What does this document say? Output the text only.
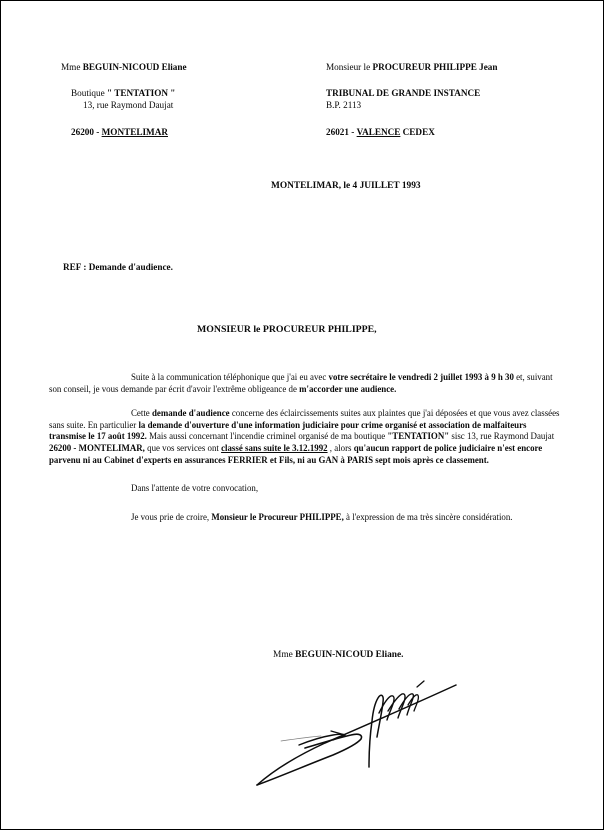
Mme BEGUIN-NICOUD Eliane
Boutique " TENTATION "
13, rue Raymond Daujat
26200 - MONTELIMAR
Monsieur le PROCUREUR PHILIPPE Jean
TRIBUNAL DE GRANDE INSTANCE
B.P. 2113
26021 - VALENCE CEDEX
MONTELIMAR, le 4 JUILLET 1993
REF : Demande d'audience.
MONSIEUR le PROCUREUR PHILIPPE,

Suite à la communication téléphonique que j'ai eu avec votre secrétaire le vendredi 2 juillet 1993 à 9 h 30 et, suivant son conseil, je vous demande par écrit d'avoir l'extrême obligeance de m'accorder une audience.

Cette demande d'audience concerne des éclaircissements suites aux plaintes que j'ai déposées et que vous avez classées sans suite. En particulier la demande d'ouverture d'une information judiciaire pour crime organisé et association de malfaiteurs transmise le 17 août 1992. Mais aussi concernant l'incendie criminel organisé de ma boutique "TENTATION" sisc 13, rue Raymond Daujat 26200 - MONTELIMAR, que vos services ont classé sans suite le 3.12.1992 , alors qu'aucun rapport de police judiciaire n'est encore parvenu ni au Cabinet d'experts en assurances FERRIER et Fils, ni au GAN à PARIS sept mois après ce classement.

Dans l'attente de votre convocation,

Je vous prie de croire, Monsieur le Procureur PHILIPPE, à l'expression de ma très sincère considération.

Mme BEGUIN-NICOUD Eliane.
